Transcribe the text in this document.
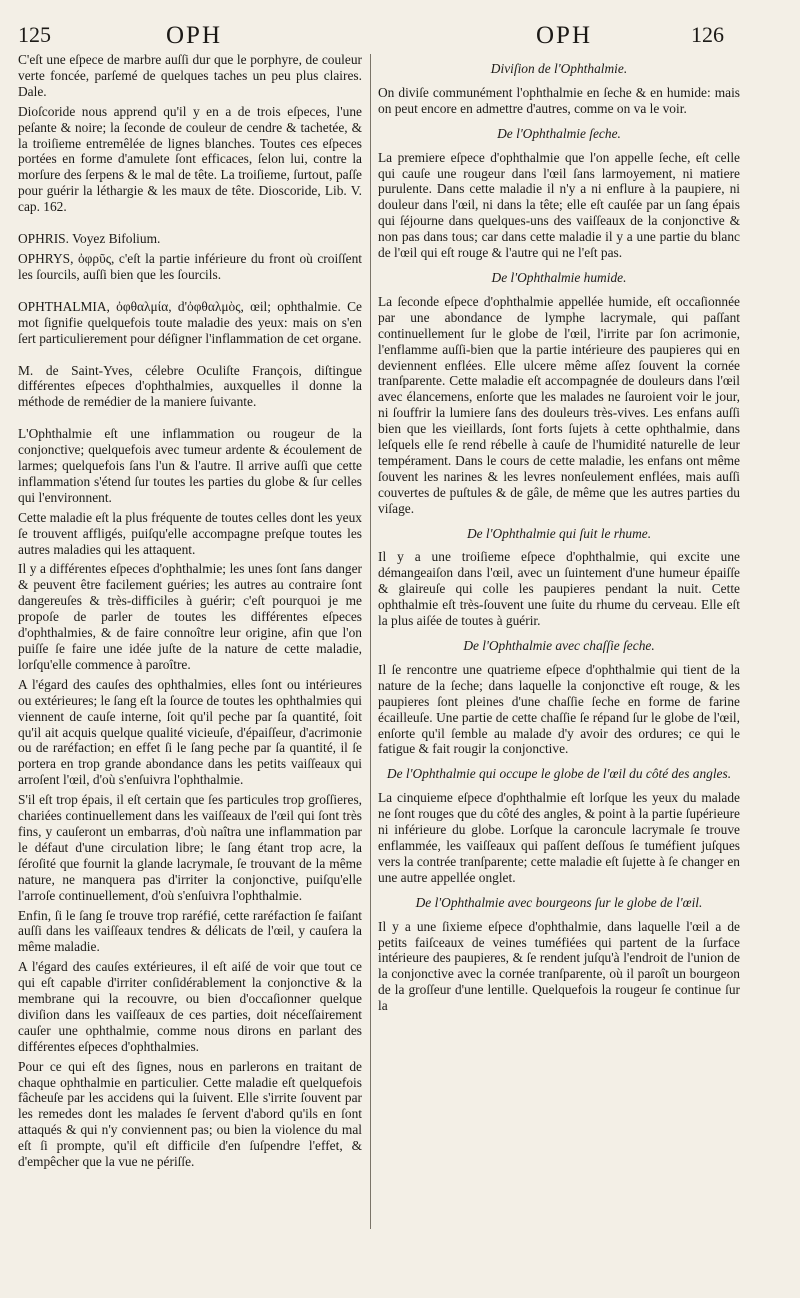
125	OPH	OPH	126

C'eſt une eſpece de marbre auſſi dur que le porphyre, de couleur verte foncée, parſemé de quelques taches un peu plus claires. Dale.

Dioſcoride nous apprend qu'il y en a de trois eſpeces, l'une peſante & noire; la ſeconde de couleur de cendre & tachetée, & la troiſieme entremêlée de lignes blanches. Toutes ces eſpeces portées en forme d'amulete ſont efficaces, ſelon lui, contre la morſure des ſerpens & le mal de tête. La troiſieme, ſurtout, paſſe pour guérir la léthargie & les maux de tête. Dioscoride, Lib. V. cap. 162.

OPHRIS. Voyez Bifolium.

OPHRYS, ὀφρῦς, c'eſt la partie inférieure du front où croiſſent les ſourcils, auſſi bien que les ſourcils.

OPHTHALMIA, ὀφθαλμία, d'ὀφθαλμὸς, œil; ophthalmie. Ce mot ſignifie quelquefois toute maladie des yeux: mais on s'en ſert particulierement pour déſigner l'inflammation de cet organe.

M. de Saint-Yves, célebre Oculiſte François, diſtingue différentes eſpeces d'ophthalmies, auxquelles il donne la méthode de remédier de la maniere ſuivante.

L'Ophthalmie eſt une inflammation ou rougeur de la conjonctive; quelquefois avec tumeur ardente & écoulement de larmes; quelquefois ſans l'un & l'autre. Il arrive auſſi que cette inflammation s'étend ſur toutes les parties du globe & ſur celles qui l'environnent.

Cette maladie eſt la plus fréquente de toutes celles dont les yeux ſe trouvent affligés, puiſqu'elle accompagne preſque toutes les autres maladies qui les attaquent.

Il y a différentes eſpeces d'ophthalmie; les unes ſont ſans danger & peuvent être facilement guéries; les autres au contraire ſont dangereuſes & très-difficiles à guérir; c'eſt pourquoi je me propoſe de parler de toutes les différentes eſpeces d'ophthalmies, & de faire connoître leur origine, afin que l'on puiſſe ſe faire une idée juſte de la nature de cette maladie, lorſqu'elle commence à paroître.

A l'égard des cauſes des ophthalmies, elles ſont ou intérieures ou extérieures; le ſang eſt la ſource de toutes les ophthalmies qui viennent de cauſe interne, ſoit qu'il peche par ſa quantité, ſoit qu'il ait acquis quelque qualité vicieuſe, d'épaiſſeur, d'acrimonie ou de raréfaction; en effet ſi le ſang peche par ſa quantité, il ſe portera en trop grande abondance dans les petits vaiſſeaux qui arroſent l'œil, d'où s'enſuivra l'ophthalmie.

S'il eſt trop épais, il eſt certain que ſes particules trop groſſieres, chariées continuellement dans les vaiſſeaux de l'œil qui ſont très fins, y cauſeront un embarras, d'où naîtra une inflammation par le défaut d'une circulation libre; le ſang étant trop acre, la ſéroſité que fournit la glande lacrymale, ſe trouvant de la même nature, ne manquera pas d'irriter la conjonctive, puiſqu'elle l'arroſe continuellement, d'où s'enſuivra l'ophthalmie.

Enfin, ſi le ſang ſe trouve trop raréfié, cette raréfaction ſe faiſant auſſi dans les vaiſſeaux tendres & délicats de l'œil, y cauſera la même maladie.

A l'égard des cauſes extérieures, il eſt aiſé de voir que tout ce qui eſt capable d'irriter conſidérablement la conjonctive & la membrane qui la recouvre, ou bien d'occaſionner quelque diviſion dans les vaiſſeaux de ces parties, doit néceſſairement cauſer une ophthalmie, comme nous dirons en parlant des différentes eſpeces d'ophthalmies.

Pour ce qui eſt des ſignes, nous en parlerons en traitant de chaque ophthalmie en particulier. Cette maladie eſt quelquefois fâcheuſe par les accidens qui la ſuivent. Elle s'irrite ſouvent par les remedes dont les malades ſe ſervent d'abord qu'ils en ſont attaqués & qui n'y conviennent pas; ou bien la violence du mal eſt ſi prompte, qu'il eſt difficile d'en ſuſpendre l'effet, & d'empêcher que la vue ne périſſe.

Diviſion de l'Ophthalmie.

On diviſe communément l'ophthalmie en ſeche & en humide: mais on peut encore en admettre d'autres, comme on va le voir.

De l'Ophthalmie ſeche.

La premiere eſpece d'ophthalmie que l'on appelle ſeche, eſt celle qui cauſe une rougeur dans l'œil ſans larmoyement, ni matiere purulente. Dans cette maladie il n'y a ni enflure à la paupiere, ni douleur dans l'œil, ni dans la tête; elle eſt cauſée par un ſang épais qui ſéjourne dans quelques-uns des vaiſſeaux de la conjonctive & non pas dans tous; car dans cette maladie il y a une partie du blanc de l'œil qui eſt rouge & l'autre qui ne l'eſt pas.

De l'Ophthalmie humide.

La ſeconde eſpece d'ophthalmie appellée humide, eſt occaſionnée par une abondance de lymphe lacrymale, qui paſſant continuellement ſur le globe de l'œil, l'irrite par ſon acrimonie, l'enflamme auſſi-bien que la partie intérieure des paupieres qui en deviennent enflées. Elle ulcere même aſſez ſouvent la cornée tranſparente. Cette maladie eſt accompagnée de douleurs dans l'œil avec élancemens, enſorte que les malades ne ſauroient voir le jour, ni ſouffrir la lumiere ſans des douleurs très-vives. Les enfans auſſi bien que les vieillards, ſont forts ſujets à cette ophthalmie, dans leſquels elle ſe rend rébelle à cauſe de l'humidité naturelle de leur tempérament. Dans le cours de cette maladie, les enfans ont même ſouvent les narines & les levres nonſeulement enflées, mais auſſi couvertes de puſtules & de gâle, de même que les autres parties du viſage.

De l'Ophthalmie qui ſuit le rhume.

Il y a une troiſieme eſpece d'ophthalmie, qui excite une démangeaiſon dans l'œil, avec un ſuintement d'une humeur épaiſſe & glaireuſe qui colle les paupieres pendant la nuit. Cette ophthalmie eſt très-ſouvent une ſuite du rhume du cerveau. Elle eſt la plus aiſée de toutes à guérir.

De l'Ophthalmie avec chaſſie ſeche.

Il ſe rencontre une quatrieme eſpece d'ophthalmie qui tient de la nature de la ſeche; dans laquelle la conjonctive eſt rouge, & les paupieres ſont pleines d'une chaſſie ſeche en forme de farine écailleuſe. Une partie de cette chaſſie ſe répand ſur le globe de l'œil, enſorte qu'il ſemble au malade d'y avoir des ordures; ce qui le fatigue & fait rougir la conjonctive.

De l'Ophthalmie qui occupe le globe de l'œil du côté des angles.

La cinquieme eſpece d'ophthalmie eſt lorſque les yeux du malade ne ſont rouges que du côté des angles, & point à la partie ſupérieure ni inférieure du globe. Lorſque la caroncule lacrymale ſe trouve enflammée, les vaiſſeaux qui paſſent deſſous ſe tuméfient juſques vers la contrée tranſparente; cette maladie eſt ſujette à ſe changer en une autre appellée onglet.

De l'Ophthalmie avec bourgeons ſur le globe de l'œil.

Il y a une ſixieme eſpece d'ophthalmie, dans laquelle l'œil a de petits faiſceaux de veines tuméfiées qui partent de la ſurface intérieure des paupieres, & ſe rendent juſqu'à l'endroit de l'union de la conjonctive avec la cornée tranſparente, où il paroît un bourgeon de la groſſeur d'une lentille. Quelquefois la rougeur ſe continue ſur la
